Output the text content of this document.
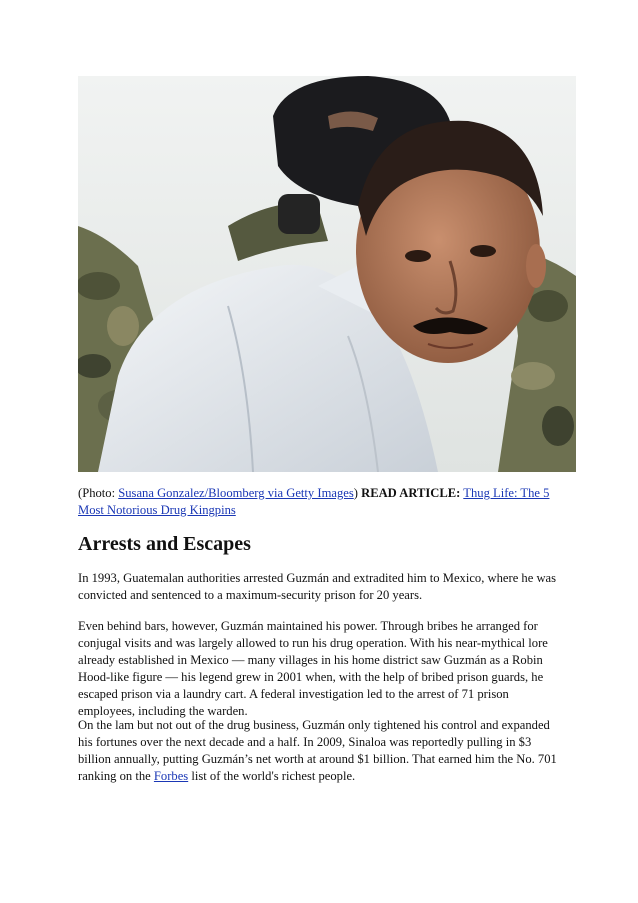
(Photo: Susana Gonzalez/Bloomberg via Getty Images) READ ARTICLE: Thug Life: The 5 Most Notorious Drug Kingpins
Arrests and Escapes

In 1993, Guatemalan authorities arrested Guzmán and extradited him to Mexico, where he was convicted and sentenced to a maximum-security prison for 20 years.

Even behind bars, however, Guzmán maintained his power. Through bribes he arranged for conjugal visits and was largely allowed to run his drug operation. With his near-mythical lore already established in Mexico — many villages in his home district saw Guzmán as a Robin Hood-like figure — his legend grew in 2001 when, with the help of bribed prison guards, he escaped prison via a laundry cart. A federal investigation led to the arrest of 71 prison employees, including the warden.

On the lam but not out of the drug business, Guzmán only tightened his control and expanded his fortunes over the next decade and a half. In 2009, Sinaloa was reportedly pulling in $3 billion annually, putting Guzmán’s net worth at around $1 billion. That earned him the No. 701 ranking on the Forbes list of the world's richest people.
